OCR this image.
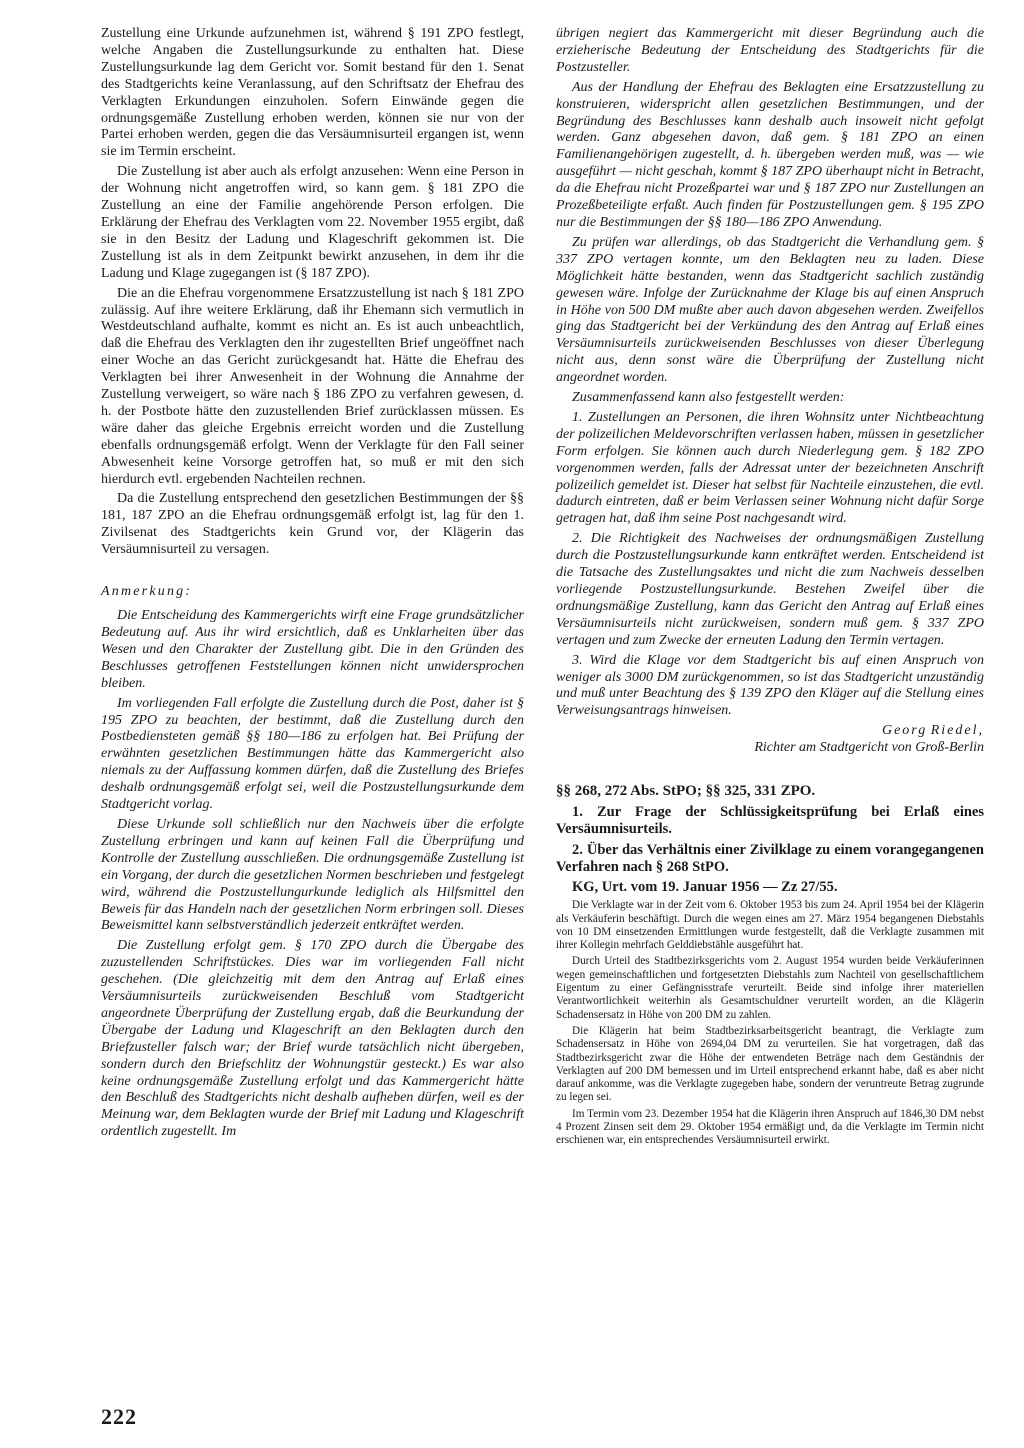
Zustellung eine Urkunde aufzunehmen ist, während § 191 ZPO festlegt, welche Angaben die Zustellungsurkunde zu enthalten hat. Diese Zustellungsurkunde lag dem Gericht vor. Somit bestand für den 1. Senat des Stadtgerichts keine Veranlassung, auf den Schriftsatz der Ehefrau des Verklagten Erkundungen einzuholen. Sofern Einwände gegen die ordnungsgemäße Zustellung erhoben werden, können sie nur von der Partei erhoben werden, gegen die das Versäumnisurteil ergangen ist, wenn sie im Termin erscheint.

Die Zustellung ist aber auch als erfolgt anzusehen: Wenn eine Person in der Wohnung nicht angetroffen wird, so kann gem. § 181 ZPO die Zustellung an eine der Familie angehörende Person erfolgen. Die Erklärung der Ehefrau des Verklagten vom 22. November 1955 ergibt, daß sie in den Besitz der Ladung und Klageschrift gekommen ist. Die Zustellung ist als in dem Zeitpunkt bewirkt anzusehen, in dem ihr die Ladung und Klage zugegangen ist (§ 187 ZPO).

Die an die Ehefrau vorgenommene Ersatzzustellung ist nach § 181 ZPO zulässig. Auf ihre weitere Erklärung, daß ihr Ehemann sich vermutlich in Westdeutschland aufhalte, kommt es nicht an. Es ist auch unbeachtlich, daß die Ehefrau des Verklagten den ihr zugestellten Brief ungeöffnet nach einer Woche an das Gericht zurückgesandt hat. Hätte die Ehefrau des Verklagten bei ihrer Anwesenheit in der Wohnung die Annahme der Zustellung verweigert, so wäre nach § 186 ZPO zu verfahren gewesen, d. h. der Postbote hätte den zuzustellenden Brief zurücklassen müssen. Es wäre daher das gleiche Ergebnis erreicht worden und die Zustellung ebenfalls ordnungsgemäß erfolgt. Wenn der Verklagte für den Fall seiner Abwesenheit keine Vorsorge getroffen hat, so muß er mit den sich hierdurch evtl. ergebenden Nachteilen rechnen.

Da die Zustellung entsprechend den gesetzlichen Bestimmungen der §§ 181, 187 ZPO an die Ehefrau ordnungsgemäß erfolgt ist, lag für den 1. Zivilsenat des Stadtgerichts kein Grund vor, der Klägerin das Versäumnisurteil zu versagen.

Anmerkung:

Die Entscheidung des Kammergerichts wirft eine Frage grundsätzlicher Bedeutung auf. Aus ihr wird ersichtlich, daß es Unklarheiten über das Wesen und den Charakter der Zustellung gibt. Die in den Gründen des Beschlusses getroffenen Feststellungen können nicht unwidersprochen bleiben.

Im vorliegenden Fall erfolgte die Zustellung durch die Post, daher ist § 195 ZPO zu beachten, der bestimmt, daß die Zustellung durch den Postbediensteten gemäß §§ 180—186 zu erfolgen hat. Bei Prüfung der erwähnten gesetzlichen Bestimmungen hätte das Kammergericht also niemals zu der Auffassung kommen dürfen, daß die Zustellung des Briefes deshalb ordnungsgemäß erfolgt sei, weil die Postzustellungsurkunde dem Stadtgericht vorlag.

Diese Urkunde soll schließlich nur den Nachweis über die erfolgte Zustellung erbringen und kann auf keinen Fall die Überprüfung und Kontrolle der Zustellung ausschließen. Die ordnungsgemäße Zustellung ist ein Vorgang, der durch die gesetzlichen Normen beschrieben und festgelegt wird, während die Postzustellungurkunde lediglich als Hilfsmittel den Beweis für das Handeln nach der gesetzlichen Norm erbringen soll. Dieses Beweismittel kann selbstverständlich jederzeit entkräftet werden.

Die Zustellung erfolgt gem. § 170 ZPO durch die Übergabe des zuzustellenden Schriftstückes. Dies war im vorliegenden Fall nicht geschehen. (Die gleichzeitig mit dem den Antrag auf Erlaß eines Versäumnisurteils zurückweisenden Beschluß vom Stadtgericht angeordnete Überprüfung der Zustellung ergab, daß die Beurkundung der Übergabe der Ladung und Klageschrift an den Beklagten durch den Briefzusteller falsch war; der Brief wurde tatsächlich nicht übergeben, sondern durch den Briefschlitz der Wohnungstür gesteckt.) Es war also keine ordnungsgemäße Zustellung erfolgt und das Kammergericht hätte den Beschluß des Stadtgerichts nicht deshalb aufheben dürfen, weil es der Meinung war, dem Beklagten wurde der Brief mit Ladung und Klageschrift ordentlich zugestellt. Im

übrigen negiert das Kammergericht mit dieser Begründung auch die erzieherische Bedeutung der Entscheidung des Stadtgerichts für die Postzusteller.

Aus der Handlung der Ehefrau des Beklagten eine Ersatzzustellung zu konstruieren, widerspricht allen gesetzlichen Bestimmungen, und der Begründung des Beschlusses kann deshalb auch insoweit nicht gefolgt werden. Ganz abgesehen davon, daß gem. § 181 ZPO an einen Familienangehörigen zugestellt, d. h. übergeben werden muß, was — wie ausgeführt — nicht geschah, kommt § 187 ZPO überhaupt nicht in Betracht, da die Ehefrau nicht Prozeßpartei war und § 187 ZPO nur Zustellungen an Prozeßbeteiligte erfaßt. Auch finden für Postzustellungen gem. § 195 ZPO nur die Bestimmungen der §§ 180—186 ZPO Anwendung.

Zu prüfen war allerdings, ob das Stadtgericht die Verhandlung gem. § 337 ZPO vertagen konnte, um den Beklagten neu zu laden. Diese Möglichkeit hätte bestanden, wenn das Stadtgericht sachlich zuständig gewesen wäre. Infolge der Zurücknahme der Klage bis auf einen Anspruch in Höhe von 500 DM mußte aber auch davon abgesehen werden. Zweifellos ging das Stadtgericht bei der Verkündung des den Antrag auf Erlaß eines Versäumnisurteils zurückweisenden Beschlusses von dieser Überlegung nicht aus, denn sonst wäre die Überprüfung der Zustellung nicht angeordnet worden.

Zusammenfassend kann also festgestellt werden:

1. Zustellungen an Personen, die ihren Wohnsitz unter Nichtbeachtung der polizeilichen Meldevorschriften verlassen haben, müssen in gesetzlicher Form erfolgen. Sie können auch durch Niederlegung gem. § 182 ZPO vorgenommen werden, falls der Adressat unter der bezeichneten Anschrift polizeilich gemeldet ist. Dieser hat selbst für Nachteile einzustehen, die evtl. dadurch eintreten, daß er beim Verlassen seiner Wohnung nicht dafür Sorge getragen hat, daß ihm seine Post nachgesandt wird.

2. Die Richtigkeit des Nachweises der ordnungsmäßigen Zustellung durch die Postzustellungsurkunde kann entkräftet werden. Entscheidend ist die Tatsache des Zustellungsaktes und nicht die zum Nachweis desselben vorliegende Postzustellungsurkunde. Bestehen Zweifel über die ordnungsmäßige Zustellung, kann das Gericht den Antrag auf Erlaß eines Versäumnisurteils nicht zurückweisen, sondern muß gem. § 337 ZPO vertagen und zum Zwecke der erneuten Ladung den Termin vertagen.

3. Wird die Klage vor dem Stadtgericht bis auf einen Anspruch von weniger als 3000 DM zurückgenommen, so ist das Stadtgericht unzuständig und muß unter Beachtung des § 139 ZPO den Kläger auf die Stellung eines Verweisungsantrags hinweisen.

Georg Riedel,

Richter am Stadtgericht von Groß-Berlin

§§ 268, 272 Abs. StPO; §§ 325, 331 ZPO.

1. Zur Frage der Schlüssigkeitsprüfung bei Erlaß eines Versäumnisurteils.

2. Über das Verhältnis einer Zivilklage zu einem vorangegangenen Verfahren nach § 268 StPO.

KG, Urt. vom 19. Januar 1956 — Zz 27/55.

Die Verklagte war in der Zeit vom 6. Oktober 1953 bis zum 24. April 1954 bei der Klägerin als Verkäuferin beschäftigt. Durch die wegen eines am 27. März 1954 begangenen Diebstahls von 10 DM einsetzenden Ermittlungen wurde festgestellt, daß die Verklagte zusammen mit ihrer Kollegin mehrfach Gelddiebstähle ausgeführt hat.

Durch Urteil des Stadtbezirksgerichts vom 2. August 1954 wurden beide Verkäuferinnen wegen gemeinschaftlichen und fortgesetzten Diebstahls zum Nachteil von gesellschaftlichem Eigentum zu einer Gefängnisstrafe verurteilt. Beide sind infolge ihrer materiellen Verantwortlichkeit weiterhin als Gesamtschuldner verurteilt worden, an die Klägerin Schadensersatz in Höhe von 200 DM zu zahlen.

Die Klägerin hat beim Stadtbezirksarbeitsgericht beantragt, die Verklagte zum Schadensersatz in Höhe von 2694,04 DM zu verurteilen. Sie hat vorgetragen, daß das Stadtbezirksgericht zwar die Höhe der entwendeten Beträge nach dem Geständnis der Verklagten auf 200 DM bemessen und im Urteil entsprechend erkannt habe, daß es aber nicht darauf ankomme, was die Verklagte zugegeben habe, sondern der veruntreute Betrag zugrunde zu legen sei.

Im Termin vom 23. Dezember 1954 hat die Klägerin ihren Anspruch auf 1846,30 DM nebst 4 Prozent Zinsen seit dem 29. Oktober 1954 ermäßigt und, da die Verklagte im Termin nicht erschienen war, ein entsprechendes Versäumnisurteil erwirkt.

222
